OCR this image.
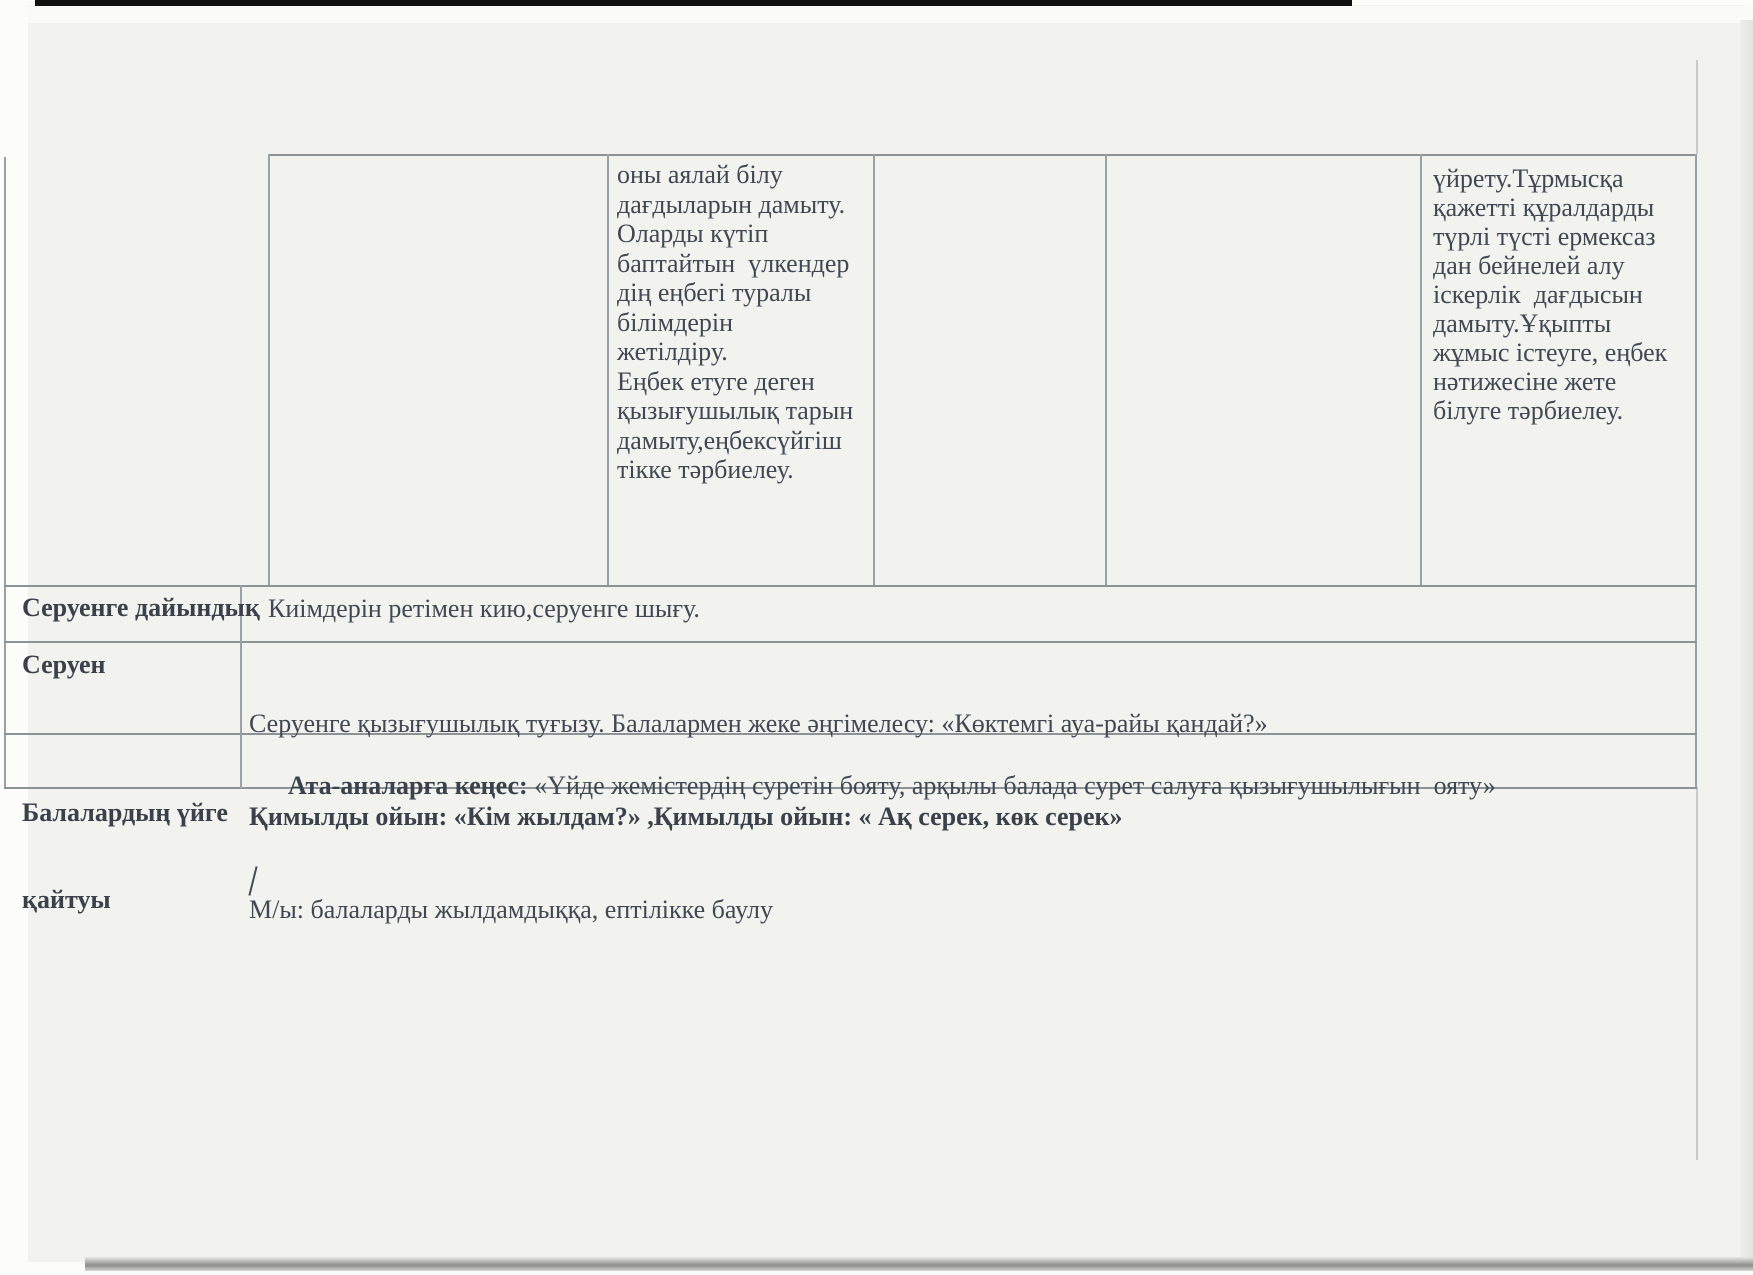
оны аялай білу
дағдыларын дамыту.
Оларды күтіп
баптайтын  үлкендер
дің еңбегі туралы
білімдерін
жетілдіру.
Еңбек етуге деген
қызығушылық тарын
дамыту,еңбексүйгіш
тікке тәрбиелеу.
үйрету.Тұрмысқа
қажетті құралдарды
түрлі түсті ермексаз
дан бейнелей алу
іскерлік  дағдысын
дамыту.Ұқыпты
жұмыс істеуге, еңбек
нәтижесіне жете
білуге тәрбиелеу.
Серуенге дайындық Киімдерін ретімен кию,серуенге шығу.
Серуен

Серуенге қызығушылық туғызу. Балалармен жеке әңгімелесу: «Көктемгі ауа-райы қандай?»

Қимылды ойын: «Кім жылдам?» ,Қимылды ойын: « Ақ серек, көк серек»

М/ы: балаларды жылдамдыққа, ептілікке баулу

Балалардың үйге

қайтуы

Ата-аналарға кеңес: «Үйде жемістердің суретін бояту, арқылы балада сурет салуға қызығушылығын  ояту»
